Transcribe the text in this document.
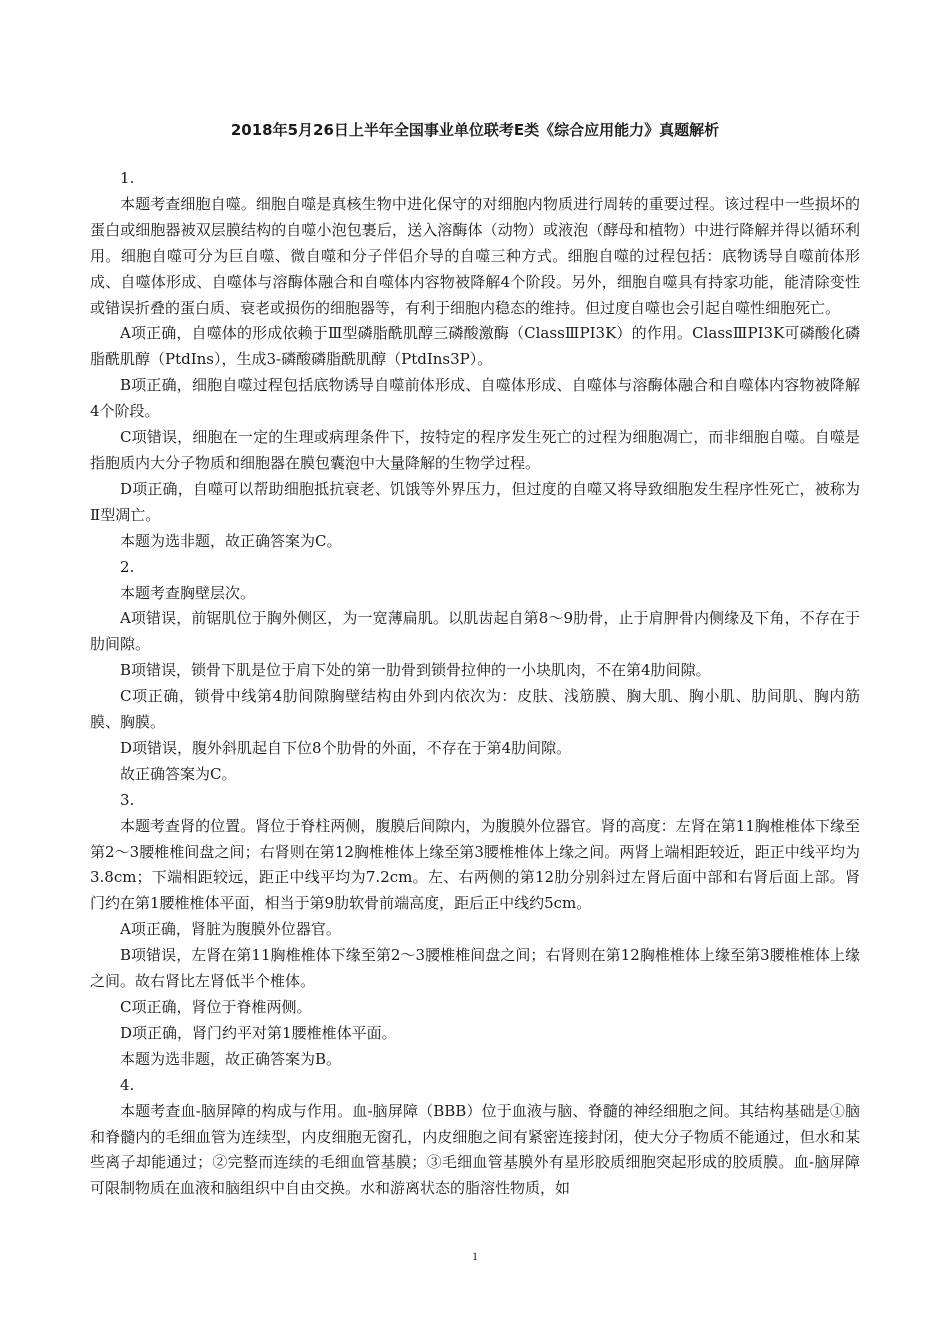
2018年5月26日上半年全国事业单位联考E类《综合应用能力》真题解析

1.

本题考查细胞自噬。细胞自噬是真核生物中进化保守的对细胞内物质进行周转的重要过程。该过程中一些损坏的蛋白或细胞器被双层膜结构的自噬小泡包裹后，送入溶酶体（动物）或液泡（酵母和植物）中进行降解并得以循环利用。细胞自噬可分为巨自噬、微自噬和分子伴侣介导的自噬三种方式。细胞自噬的过程包括：底物诱导自噬前体形成、自噬体形成、自噬体与溶酶体融合和自噬体内容物被降解4个阶段。另外，细胞自噬具有持家功能，能清除变性或错误折叠的蛋白质、衰老或损伤的细胞器等，有利于细胞内稳态的维持。但过度自噬也会引起自噬性细胞死亡。

A项正确，自噬体的形成依赖于Ⅲ型磷脂酰肌醇三磷酸激酶（ClassⅢPI3K）的作用。ClassⅢPI3K可磷酸化磷脂酰肌醇（PtdIns），生成3-磷酸磷脂酰肌醇（PtdIns3P）。

B项正确，细胞自噬过程包括底物诱导自噬前体形成、自噬体形成、自噬体与溶酶体融合和自噬体内容物被降解4个阶段。

C项错误，细胞在一定的生理或病理条件下，按特定的程序发生死亡的过程为细胞凋亡，而非细胞自噬。自噬是指胞质内大分子物质和细胞器在膜包囊泡中大量降解的生物学过程。

D项正确，自噬可以帮助细胞抵抗衰老、饥饿等外界压力，但过度的自噬又将导致细胞发生程序性死亡，被称为Ⅱ型凋亡。

本题为选非题，故正确答案为C。

2.

本题考查胸壁层次。

A项错误，前锯肌位于胸外侧区，为一宽薄扁肌。以肌齿起自第8～9肋骨，止于肩胛骨内侧缘及下角，不存在于肋间隙。

B项错误，锁骨下肌是位于肩下处的第一肋骨到锁骨拉伸的一小块肌肉，不在第4肋间隙。

C项正确，锁骨中线第4肋间隙胸壁结构由外到内依次为：皮肤、浅筋膜、胸大肌、胸小肌、肋间肌、胸内筋膜、胸膜。

D项错误，腹外斜肌起自下位8个肋骨的外面，不存在于第4肋间隙。

故正确答案为C。

3.

本题考查肾的位置。肾位于脊柱两侧，腹膜后间隙内，为腹膜外位器官。肾的高度：左肾在第11胸椎椎体下缘至第2～3腰椎椎间盘之间；右肾则在第12胸椎椎体上缘至第3腰椎椎体上缘之间。两肾上端相距较近，距正中线平均为3.8cm；下端相距较远，距正中线平均为7.2cm。左、右两侧的第12肋分别斜过左肾后面中部和右肾后面上部。肾门约在第1腰椎椎体平面，相当于第9肋软骨前端高度，距后正中线约5cm。

A项正确，肾脏为腹膜外位器官。

B项错误，左肾在第11胸椎椎体下缘至第2～3腰椎椎间盘之间；右肾则在第12胸椎椎体上缘至第3腰椎椎体上缘之间。故右肾比左肾低半个椎体。

C项正确，肾位于脊椎两侧。

D项正确，肾门约平对第1腰椎椎体平面。

本题为选非题，故正确答案为B。

4.

本题考查血-脑屏障的构成与作用。血-脑屏障（BBB）位于血液与脑、脊髓的神经细胞之间。其结构基础是①脑和脊髓内的毛细血管为连续型，内皮细胞无窗孔，内皮细胞之间有紧密连接封闭，使大分子物质不能通过，但水和某些离子却能通过；②完整而连续的毛细血管基膜；③毛细血管基膜外有星形胶质细胞突起形成的胶质膜。血-脑屏障可限制物质在血液和脑组织中自由交换。水和游离状态的脂溶性物质，如

1
